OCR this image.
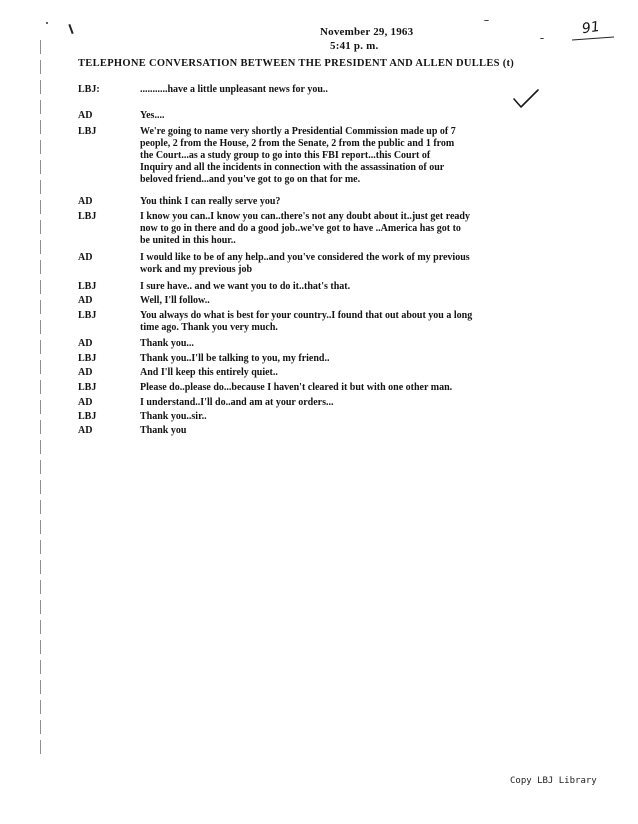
November 29, 1963
5:41 p. m.
91
TELEPHONE CONVERSATION BETWEEN THE PRESIDENT AND ALLEN DULLES (t)
LBJ:	...........have a little unpleasant news for you..
AD	Yes....
LBJ	We're going to name very shortly a Presidential Commission made up of 7
people, 2 from the House, 2 from the Senate, 2 from the public and 1 from
the Court...as a study group to go into this FBI report...this Court of
Inquiry and all the incidents in connection with the assassination of our
beloved friend...and you've got to go on that for me.
AD	You think I can really serve you?
LBJ	I know you can..I know you can..there's not any doubt about it..just get ready
now to go in there and do a good job..we've got to have ..America has got to
be united in this hour..
AD	I would like to be of any help..and you've considered the work of my previous
work and my previous job
LBJ	I sure have.. and we want you to do it..that's that.
AD	Well, I'll follow..
LBJ	You always do what is best for your country..I found that out about you a long
time ago. Thank you very much.
AD	Thank you...
LBJ	Thank you..I'll be talking to you, my friend..
AD	And I'll keep this entirely quiet..
LBJ	Please do..please do...because I haven't cleared it but with one other man.
AD	I understand..I'll do..and am at your orders...
LBJ	Thank you..sir..
AD	Thank you
Copy LBJ Library
